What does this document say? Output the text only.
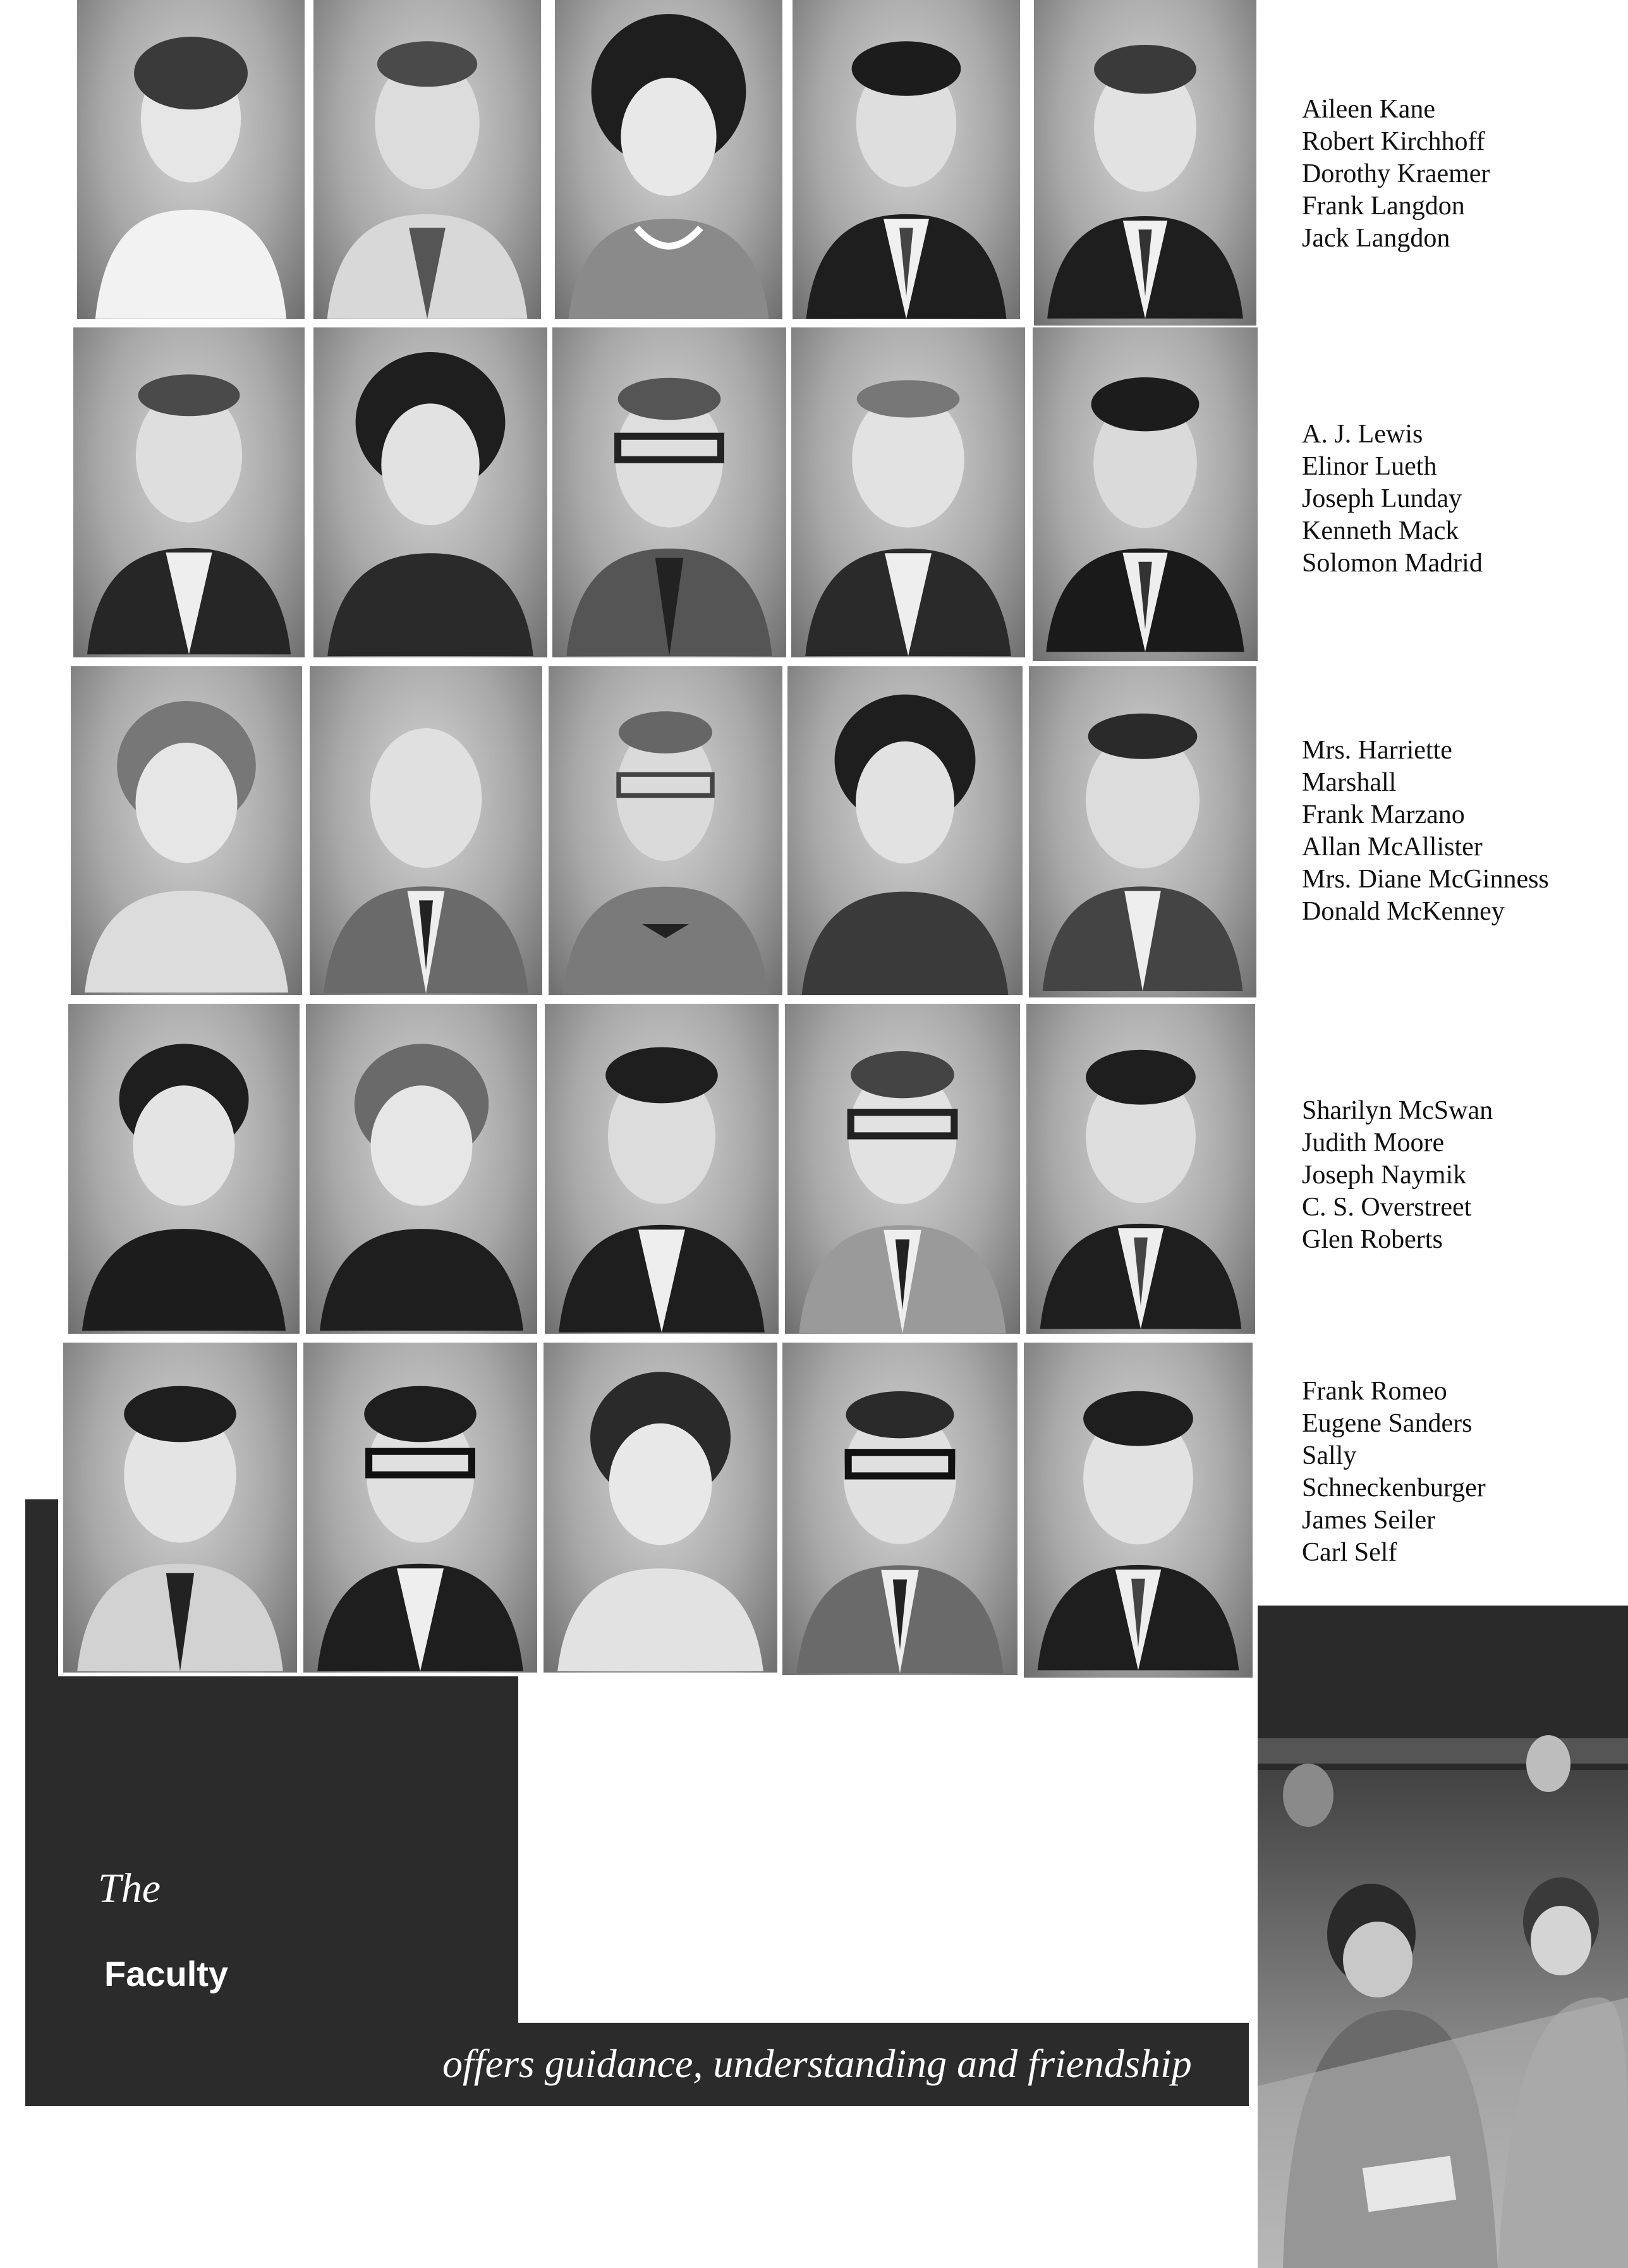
Aileen Kane
Robert Kirchhoff
Dorothy Kraemer
Frank Langdon
Jack Langdon
A. J. Lewis
Elinor Lueth
Joseph Lunday
Kenneth Mack
Solomon Madrid
Mrs. Harriette
Marshall
Frank Marzano
Allan McAllister
Mrs. Diane McGinness
Donald McKenney
Sharilyn McSwan
Judith Moore
Joseph Naymik
C. S. Overstreet
Glen Roberts
Frank Romeo
Eugene Sanders
Sally
Schneckenburger
James Seiler
Carl Self
The
Faculty
offers guidance, understanding and friendship
